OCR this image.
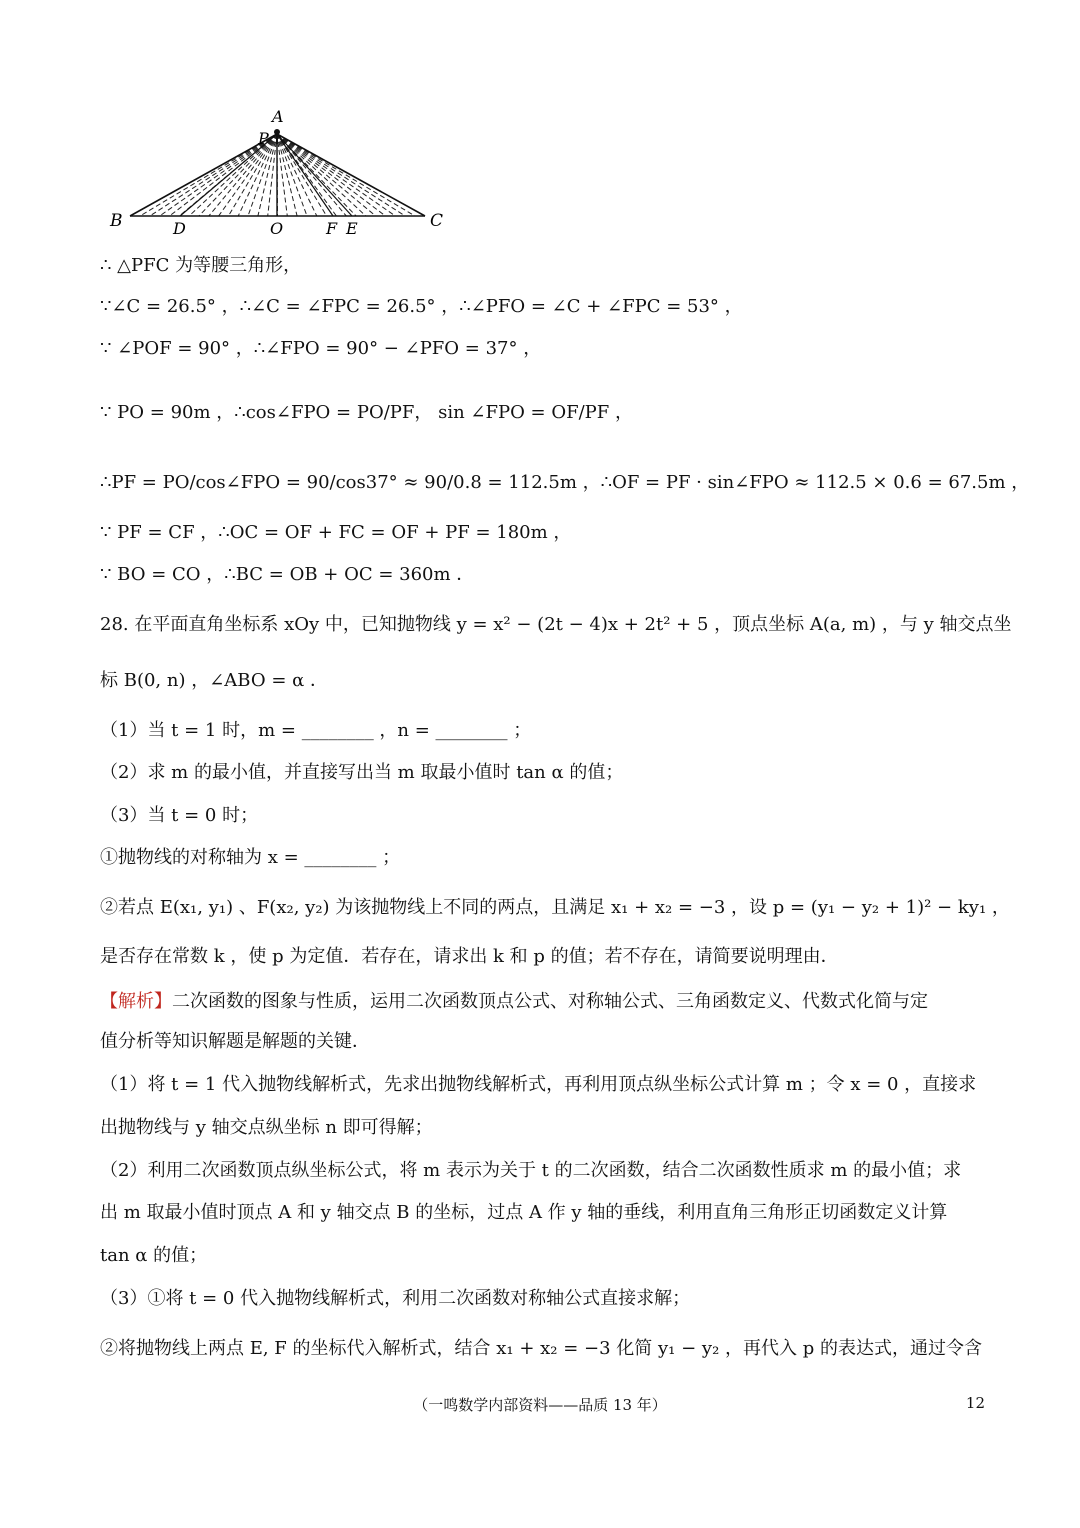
A
P
B	C
D	O	F E
∴ △PFC 为等腰三角形，
∵∠C = 26.5° ，∴∠C = ∠FPC = 26.5° ，∴∠PFO = ∠C + ∠FPC = 53° ，
∵ ∠POF = 90° ，∴∠FPO = 90° − ∠PFO = 37° ，
∵ PO = 90m ，∴cos∠FPO = PO/PF， sin ∠FPO = OF/PF ，
∴PF = PO/cos∠FPO = 90/cos37° ≈ 90/0.8 = 112.5m ，∴OF = PF · sin∠FPO ≈ 112.5 × 0.6 = 67.5m ，
∵ PF = CF ，∴OC = OF + FC = OF + PF = 180m ，
∵ BO = CO ，∴BC = OB + OC = 360m ．
28. 在平面直角坐标系 xOy 中，已知抛物线 y = x² − (2t − 4)x + 2t² + 5 ，顶点坐标 A(a, m) ，与 y 轴交点坐
标 B(0, n) ，∠ABO = α ．
（1）当 t = 1 时，m = ________ ，n = ________ ；
（2）求 m 的最小值，并直接写出当 m 取最小值时 tan α 的值；
（3）当 t = 0 时；
①抛物线的对称轴为 x = ________ ；
②若点 E(x₁, y₁) 、F(x₂, y₂) 为该抛物线上不同的两点，且满足 x₁ + x₂ = −3 ，设 p = (y₁ − y₂ + 1)² − ky₁ ，
是否存在常数 k ，使 p 为定值．若存在，请求出 k 和 p 的值；若不存在，请简要说明理由．
【解析】二次函数的图象与性质，运用二次函数顶点公式、对称轴公式、三角函数定义、代数式化简与定
值分析等知识解题是解题的关键．
（1）将 t = 1 代入抛物线解析式，先求出抛物线解析式，再利用顶点纵坐标公式计算 m ；令 x = 0 ，直接求
出抛物线与 y 轴交点纵坐标 n 即可得解；
（2）利用二次函数顶点纵坐标公式，将 m 表示为关于 t 的二次函数，结合二次函数性质求 m 的最小值；求
出 m 取最小值时顶点 A 和 y 轴交点 B 的坐标，过点 A 作 y 轴的垂线，利用直角三角形正切函数定义计算
tan α 的值；
（3）①将 t = 0 代入抛物线解析式，利用二次函数对称轴公式直接求解；
②将抛物线上两点 E, F 的坐标代入解析式，结合 x₁ + x₂ = −3 化简 y₁ − y₂ ，再代入 p 的表达式，通过令含
（一鸣数学内部资料——品质 13 年）	12
